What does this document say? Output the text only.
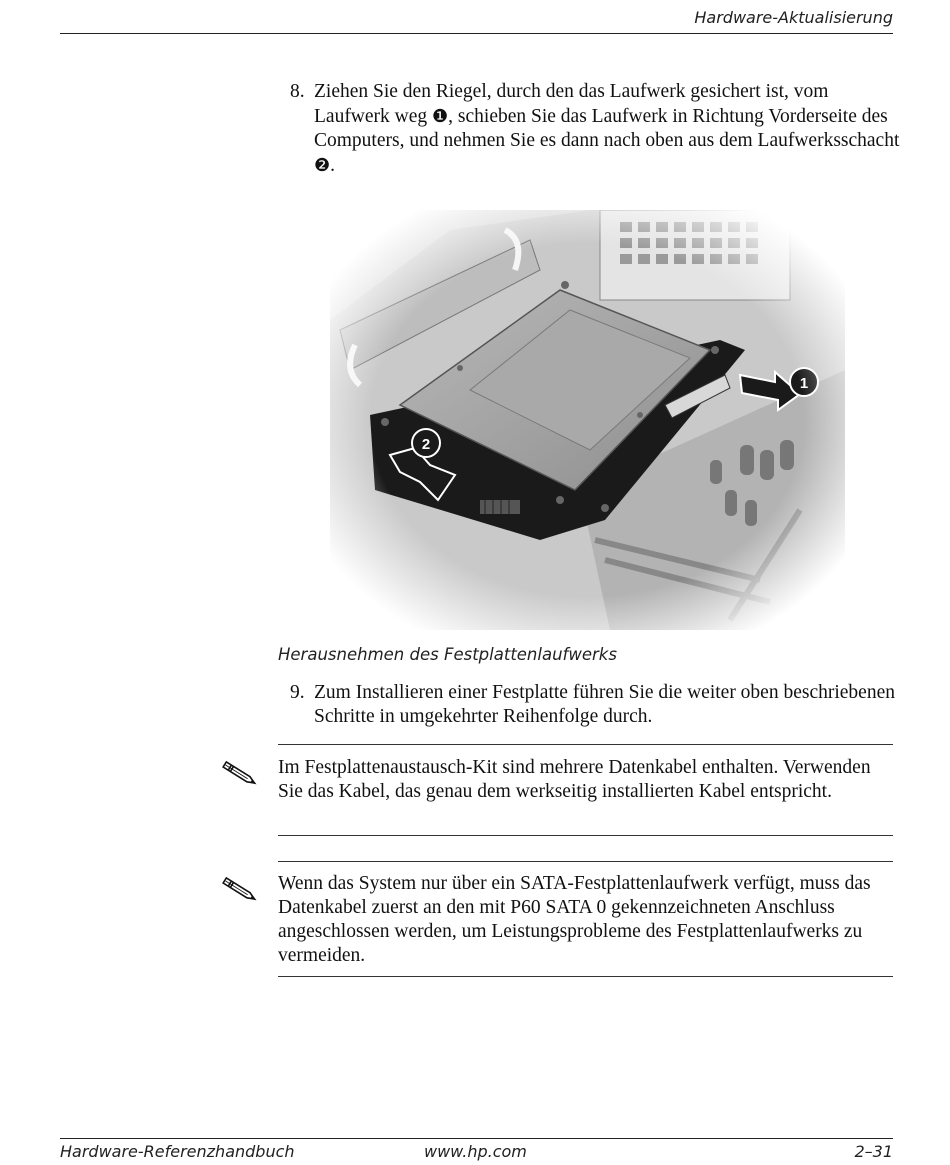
Hardware-Aktualisierung
8. Ziehen Sie den Riegel, durch den das Laufwerk gesichert ist, vom Laufwerk weg ❶, schieben Sie das Laufwerk in Richtung Vorderseite des Computers, und nehmen Sie es dann nach oben aus dem Laufwerksschacht ❷.
Herausnehmen des Festplattenlaufwerks
9. Zum Installieren einer Festplatte führen Sie die weiter oben beschriebenen Schritte in umgekehrter Reihenfolge durch.
Im Festplattenaustausch-Kit sind mehrere Datenkabel enthalten. Verwenden Sie das Kabel, das genau dem werkseitig installierten Kabel entspricht.
Wenn das System nur über ein SATA-Festplattenlaufwerk verfügt, muss das Datenkabel zuerst an den mit P60 SATA 0 gekennzeichneten Anschluss angeschlossen werden, um Leistungsprobleme des Festplattenlaufwerks zu vermeiden.
Hardware-Referenzhandbuch	www.hp.com	2–31
